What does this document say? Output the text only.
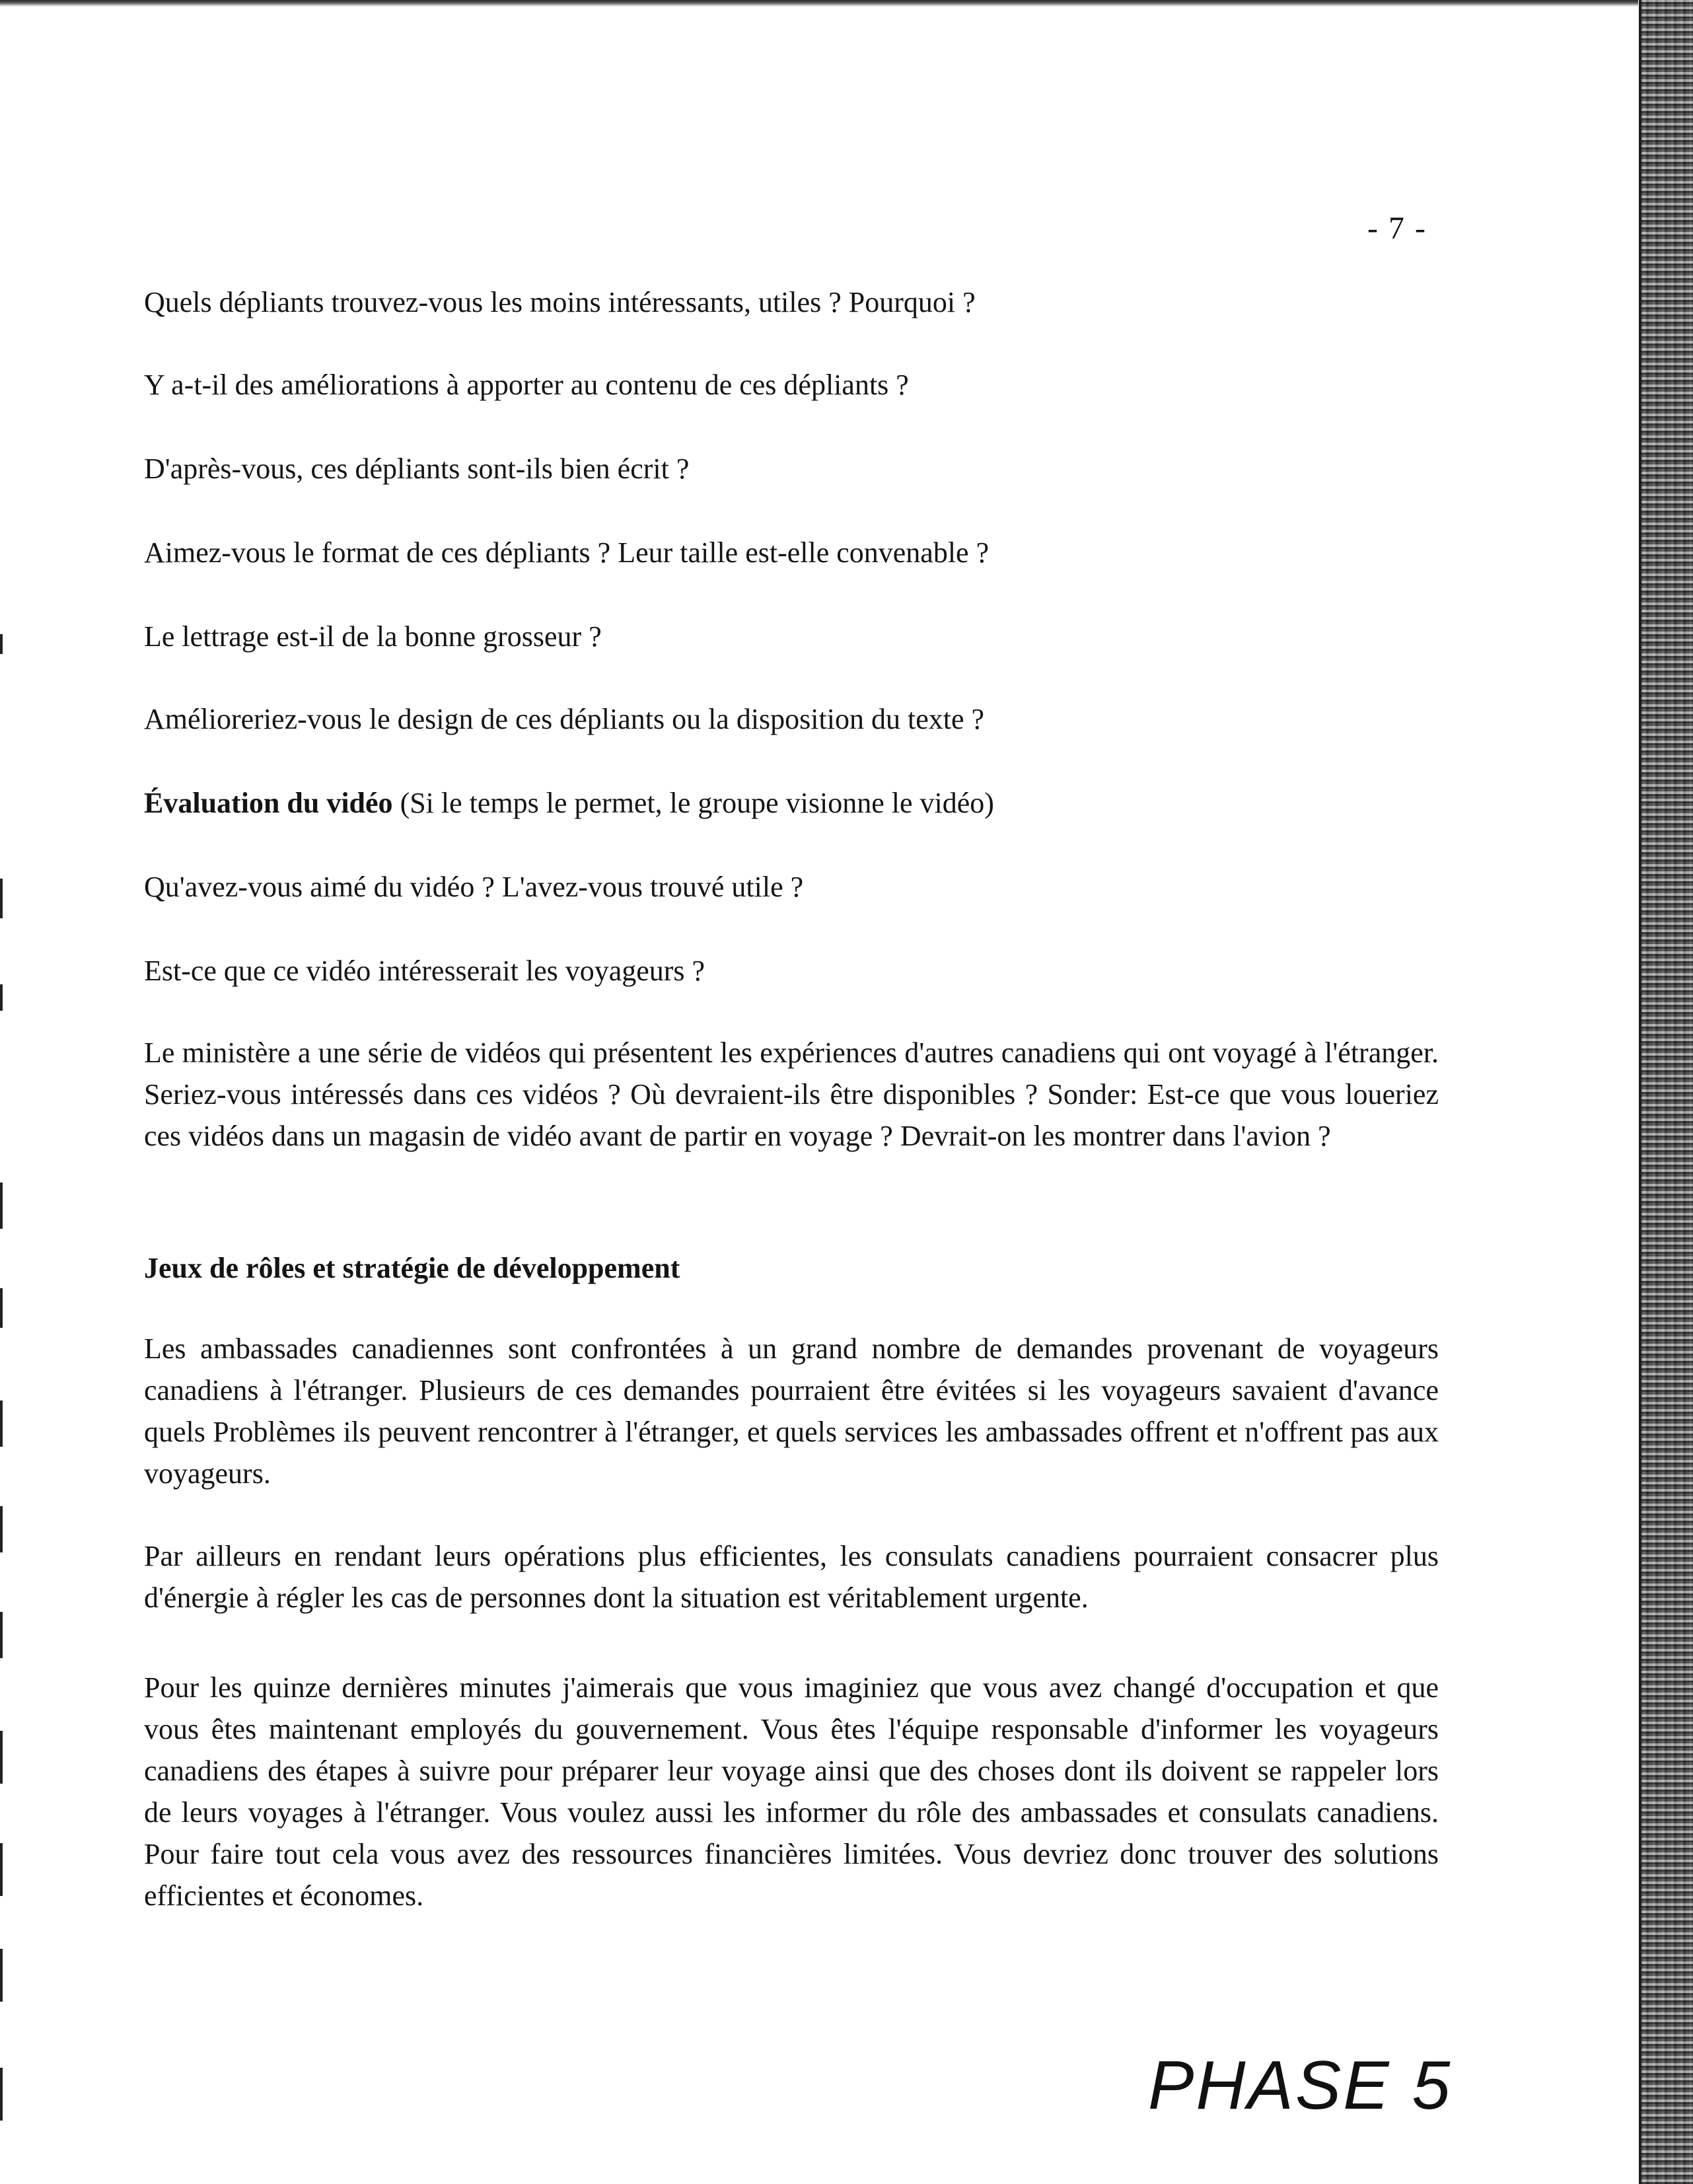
- 7 -

Quels dépliants trouvez-vous les moins intéressants, utiles ? Pourquoi ?

Y a-t-il des améliorations à apporter au contenu de ces dépliants ?

D'après-vous, ces dépliants sont-ils bien écrit ?

Aimez-vous le format de ces dépliants ? Leur taille est-elle convenable ?

Le lettrage est-il de la bonne grosseur ?

Amélioreriez-vous le design de ces dépliants ou la disposition du texte ?

Évaluation du vidéo (Si le temps le permet, le groupe visionne le vidéo)

Qu'avez-vous aimé du vidéo ? L'avez-vous trouvé utile ?

Est-ce que ce vidéo intéresserait les voyageurs ?

Le ministère a une série de vidéos qui présentent les expériences d'autres canadiens qui ont voyagé à l'étranger. Seriez-vous intéressés dans ces vidéos ? Où devraient-ils être disponibles ? Sonder: Est-ce que vous loueriez ces vidéos dans un magasin de vidéo avant de partir en voyage ? Devrait-on les montrer dans l'avion ?

Jeux de rôles et stratégie de développement

Les ambassades canadiennes sont confrontées à un grand nombre de demandes provenant de voyageurs canadiens à l'étranger. Plusieurs de ces demandes pourraient être évitées si les voyageurs savaient d'avance quels Problèmes ils peuvent rencontrer à l'étranger, et quels services les ambassades offrent et n'offrent pas aux voyageurs.

Par ailleurs en rendant leurs opérations plus efficientes, les consulats canadiens pourraient consacrer plus d'énergie à régler les cas de personnes dont la situation est véritablement urgente.

Pour les quinze dernières minutes j'aimerais que vous imaginiez que vous avez changé d'occupation et que vous êtes maintenant employés du gouvernement. Vous êtes l'équipe responsable d'informer les voyageurs canadiens des étapes à suivre pour préparer leur voyage ainsi que des choses dont ils doivent se rappeler lors de leurs voyages à l'étranger. Vous voulez aussi les informer du rôle des ambassades et consulats canadiens. Pour faire tout cela vous avez des ressources financières limitées. Vous devriez donc trouver des solutions efficientes et économes.

PHASE 5
